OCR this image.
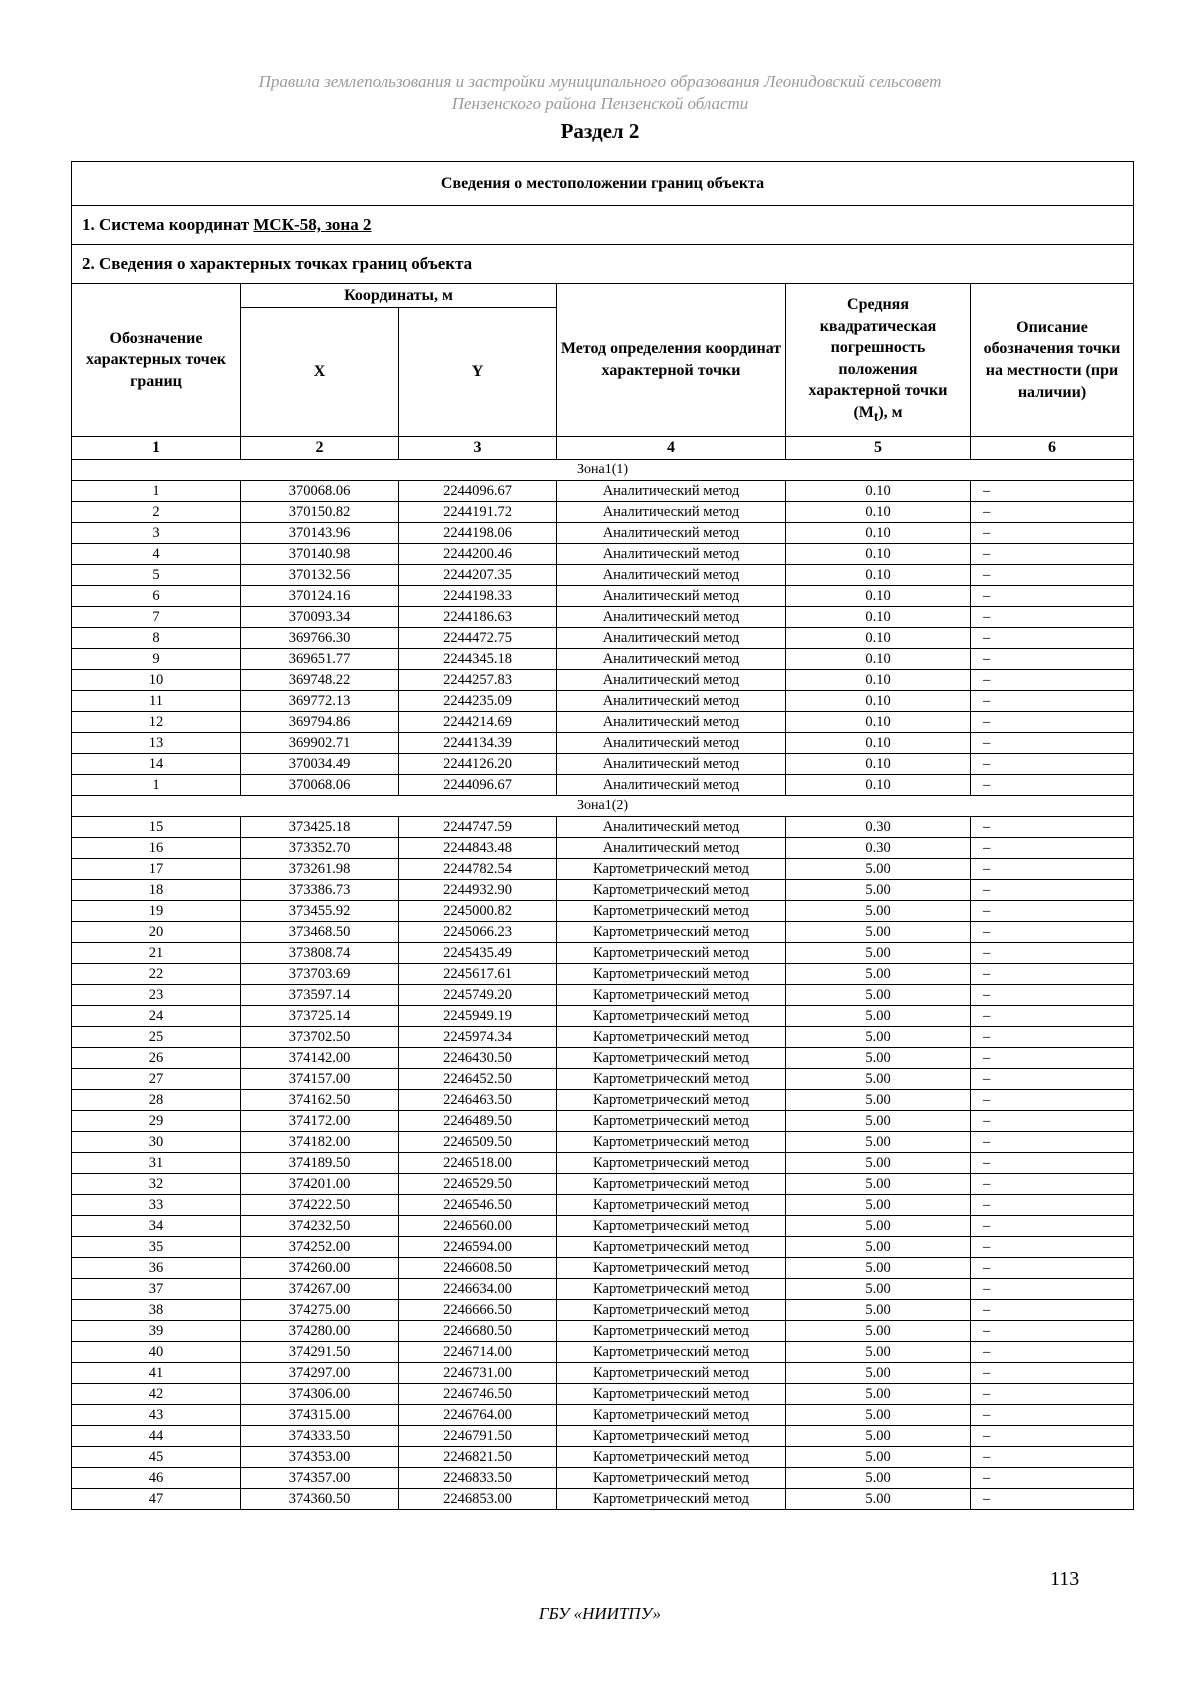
Правила землепользования и застройки муниципального образования Леонидовский сельсовет
Пензенского района Пензенской области
Раздел 2
Сведения о местоположении границ объекта					
1. Система координат МСК-58, зона 2					
2. Сведения о характерных точках границ объекта					
Обозначение характерных точек границ	Координаты, м		Метод определения координат характерной точки	Средняя квадратическая погрешность положения характерной точки $(M_t)$, м	Описание обозначения точки на местности (при наличии)
	X	Y			
1	2	3	4	5	6
Зона1(1)					
1	370068.06	2244096.67	Аналитический метод	0.10	–
2	370150.82	2244191.72	Аналитический метод	0.10	–
3	370143.96	2244198.06	Аналитический метод	0.10	–
4	370140.98	2244200.46	Аналитический метод	0.10	–
5	370132.56	2244207.35	Аналитический метод	0.10	–
6	370124.16	2244198.33	Аналитический метод	0.10	–
7	370093.34	2244186.63	Аналитический метод	0.10	–
8	369766.30	2244472.75	Аналитический метод	0.10	–
9	369651.77	2244345.18	Аналитический метод	0.10	–
10	369748.22	2244257.83	Аналитический метод	0.10	–
11	369772.13	2244235.09	Аналитический метод	0.10	–
12	369794.86	2244214.69	Аналитический метод	0.10	–
13	369902.71	2244134.39	Аналитический метод	0.10	–
14	370034.49	2244126.20	Аналитический метод	0.10	–
1	370068.06	2244096.67	Аналитический метод	0.10	–
Зона1(2)					
15	373425.18	2244747.59	Аналитический метод	0.30	–
16	373352.70	2244843.48	Аналитический метод	0.30	–
17	373261.98	2244782.54	Картометрический метод	5.00	–
18	373386.73	2244932.90	Картометрический метод	5.00	–
19	373455.92	2245000.82	Картометрический метод	5.00	–
20	373468.50	2245066.23	Картометрический метод	5.00	–
21	373808.74	2245435.49	Картометрический метод	5.00	–
22	373703.69	2245617.61	Картометрический метод	5.00	–
23	373597.14	2245749.20	Картометрический метод	5.00	–
24	373725.14	2245949.19	Картометрический метод	5.00	–
25	373702.50	2245974.34	Картометрический метод	5.00	–
26	374142.00	2246430.50	Картометрический метод	5.00	–
27	374157.00	2246452.50	Картометрический метод	5.00	–
28	374162.50	2246463.50	Картометрический метод	5.00	–
29	374172.00	2246489.50	Картометрический метод	5.00	–
30	374182.00	2246509.50	Картометрический метод	5.00	–
31	374189.50	2246518.00	Картометрический метод	5.00	–
32	374201.00	2246529.50	Картометрический метод	5.00	–
33	374222.50	2246546.50	Картометрический метод	5.00	–
34	374232.50	2246560.00	Картометрический метод	5.00	–
35	374252.00	2246594.00	Картометрический метод	5.00	–
36	374260.00	2246608.50	Картометрический метод	5.00	–
37	374267.00	2246634.00	Картометрический метод	5.00	–
38	374275.00	2246666.50	Картометрический метод	5.00	–
39	374280.00	2246680.50	Картометрический метод	5.00	–
40	374291.50	2246714.00	Картометрический метод	5.00	–
41	374297.00	2246731.00	Картометрический метод	5.00	–
42	374306.00	2246746.50	Картометрический метод	5.00	–
43	374315.00	2246764.00	Картометрический метод	5.00	–
44	374333.50	2246791.50	Картометрический метод	5.00	–
45	374353.00	2246821.50	Картометрический метод	5.00	–
46	374357.00	2246833.50	Картометрический метод	5.00	–
47	374360.50	2246853.00	Картометрический метод	5.00	–
113
ГБУ «НИИТПУ»
